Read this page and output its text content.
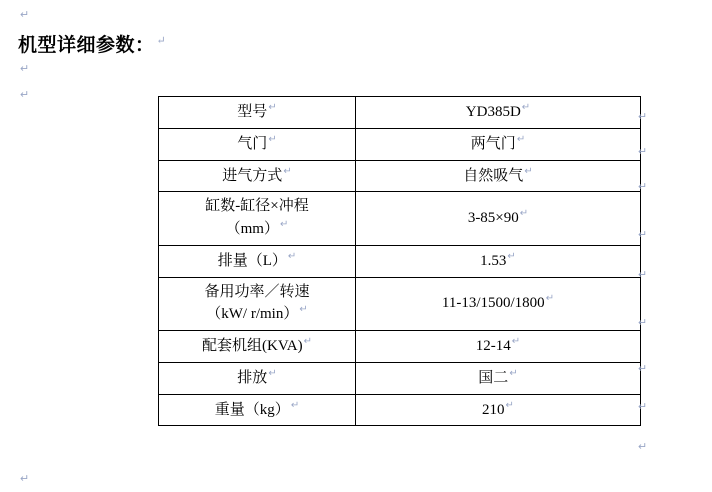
↵
↵
↵
↵
机型详细参数： ↵
型号↵	YD385D↵
气门↵	两气门↵
进气方式↵	自然吸气↵

缸数-缸径×冲程
（mm）↵	3-85×90↵
排量（L）↵	1.53↵

备用功率／转速
（kW/ r/min）↵	11-13/1500/1800↵
配套机组(KVA)↵	12-14↵
排放↵	国二↵
重量（kg）↵	210↵
↵
↵
↵
↵
↵
↵
↵
↵
↵
